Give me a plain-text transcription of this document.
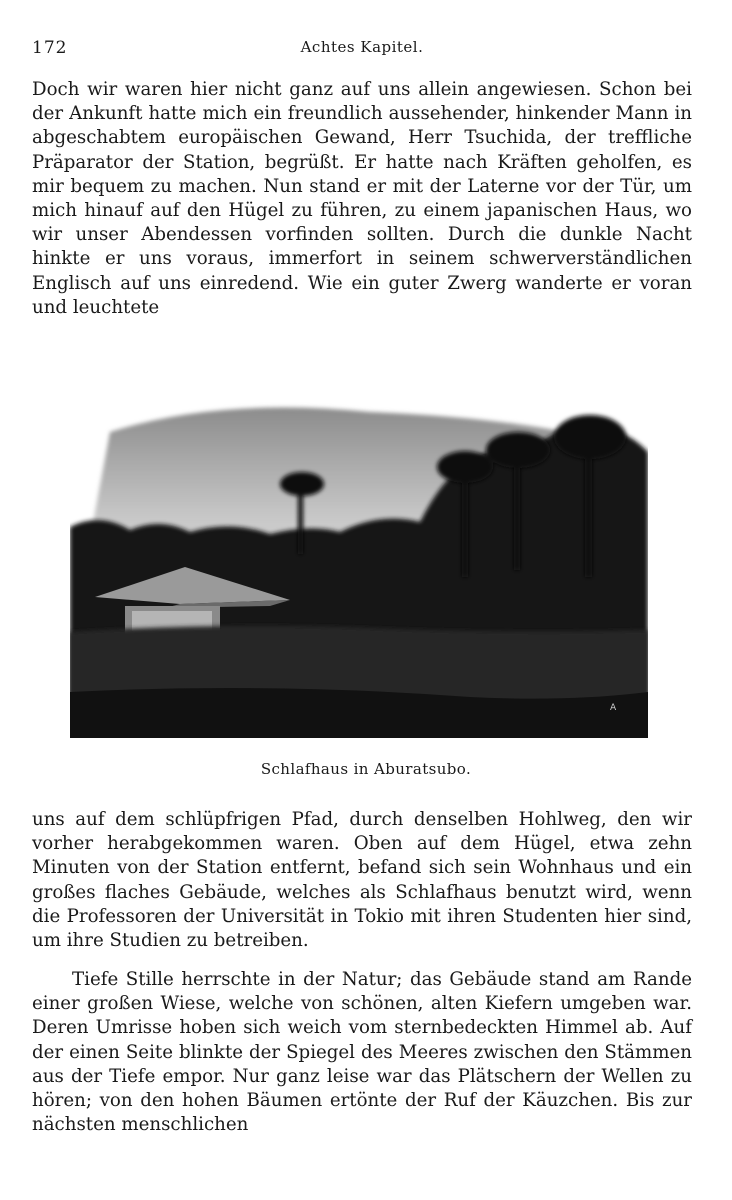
172	Achtes Kapitel.

Doch wir waren hier nicht ganz auf uns allein angewiesen. Schon bei der Ankunft hatte mich ein freundlich aussehender, hinkender Mann in abgeschabtem europäischen Gewand, Herr Tsuchida, der treffliche Präparator der Station, begrüßt. Er hatte nach Kräften geholfen, es mir bequem zu machen. Nun stand er mit der Laterne vor der Tür, um mich hinauf auf den Hügel zu führen, zu einem japanischen Haus, wo wir unser Abendessen vorfinden sollten. Durch die dunkle Nacht hinkte er uns voraus, immerfort in seinem schwerverständlichen Englisch auf uns einredend. Wie ein guter Zwerg wanderte er voran und leuchtete

A
Schlafhaus in Aburatsubo.

uns auf dem schlüpfrigen Pfad, durch denselben Hohlweg, den wir vorher herabgekommen waren. Oben auf dem Hügel, etwa zehn Minuten von der Station entfernt, befand sich sein Wohnhaus und ein großes flaches Gebäude, welches als Schlafhaus benutzt wird, wenn die Professoren der Universität in Tokio mit ihren Studenten hier sind, um ihre Studien zu betreiben.

Tiefe Stille herrschte in der Natur; das Gebäude stand am Rande einer großen Wiese, welche von schönen, alten Kiefern umgeben war. Deren Umrisse hoben sich weich vom sternbedeckten Himmel ab. Auf der einen Seite blinkte der Spiegel des Meeres zwischen den Stämmen aus der Tiefe empor. Nur ganz leise war das Plätschern der Wellen zu hören; von den hohen Bäumen ertönte der Ruf der Käuzchen. Bis zur nächsten menschlichen
